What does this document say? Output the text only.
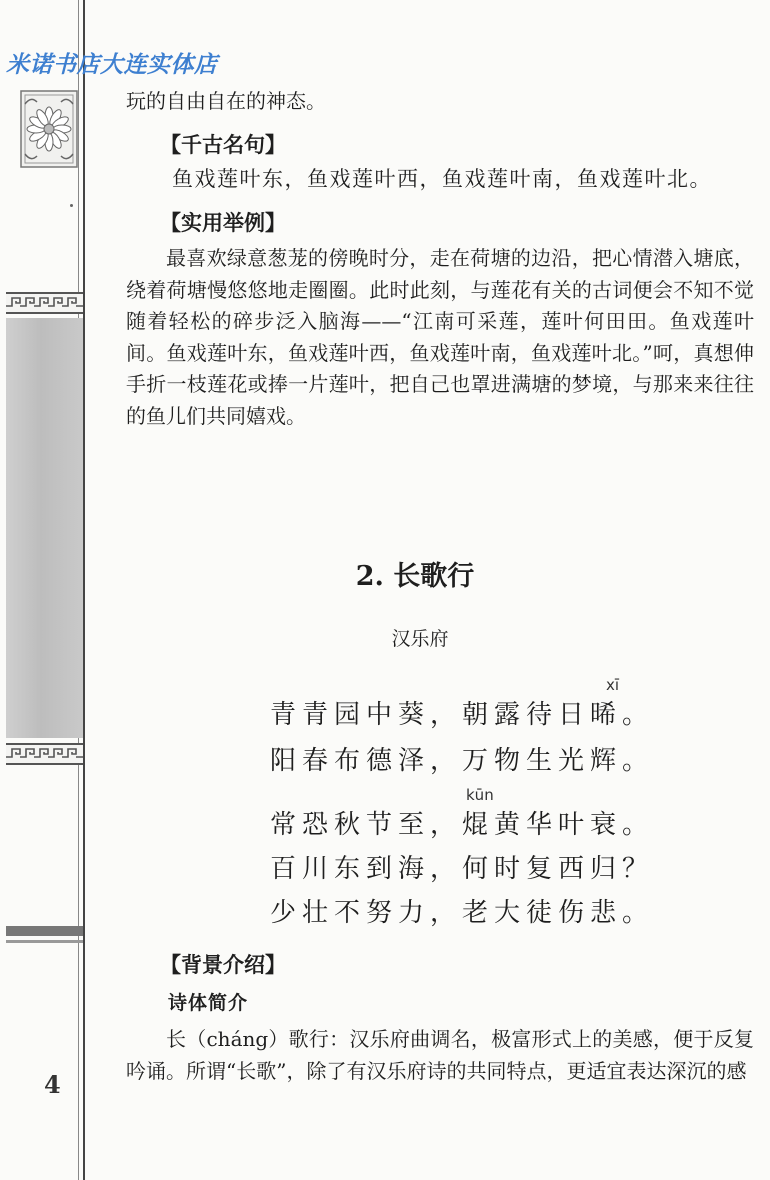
米诺书店大连实体店
4
玩的自由自在的神态。
【千古名句】
鱼戏莲叶东，鱼戏莲叶西，鱼戏莲叶南，鱼戏莲叶北。
【实用举例】
最喜欢绿意葱茏的傍晚时分，走在荷塘的边沿，把心情潜入塘底，绕着荷塘慢悠悠地走圈圈。此时此刻，与莲花有关的古词便会不知不觉随着轻松的碎步泛入脑海——“江南可采莲，莲叶何田田。鱼戏莲叶间。鱼戏莲叶东，鱼戏莲叶西，鱼戏莲叶南，鱼戏莲叶北。”呵，真想伸手折一枝莲花或捧一片莲叶，把自己也罩进满塘的梦境，与那来来往往的鱼儿们共同嬉戏。
2. 长歌行
汉乐府
xī
青青园中葵，朝露待日晞。
阳春布德泽，万物生光辉。
kūn
常恐秋节至，焜黄华叶衰。
百川东到海，何时复西归？
少壮不努力，老大徒伤悲。
【背景介绍】
诗体简介
长（cháng）歌行：汉乐府曲调名，极富形式上的美感，便于反复吟诵。所谓“长歌”，除了有汉乐府诗的共同特点，更适宜表达深沉的感
